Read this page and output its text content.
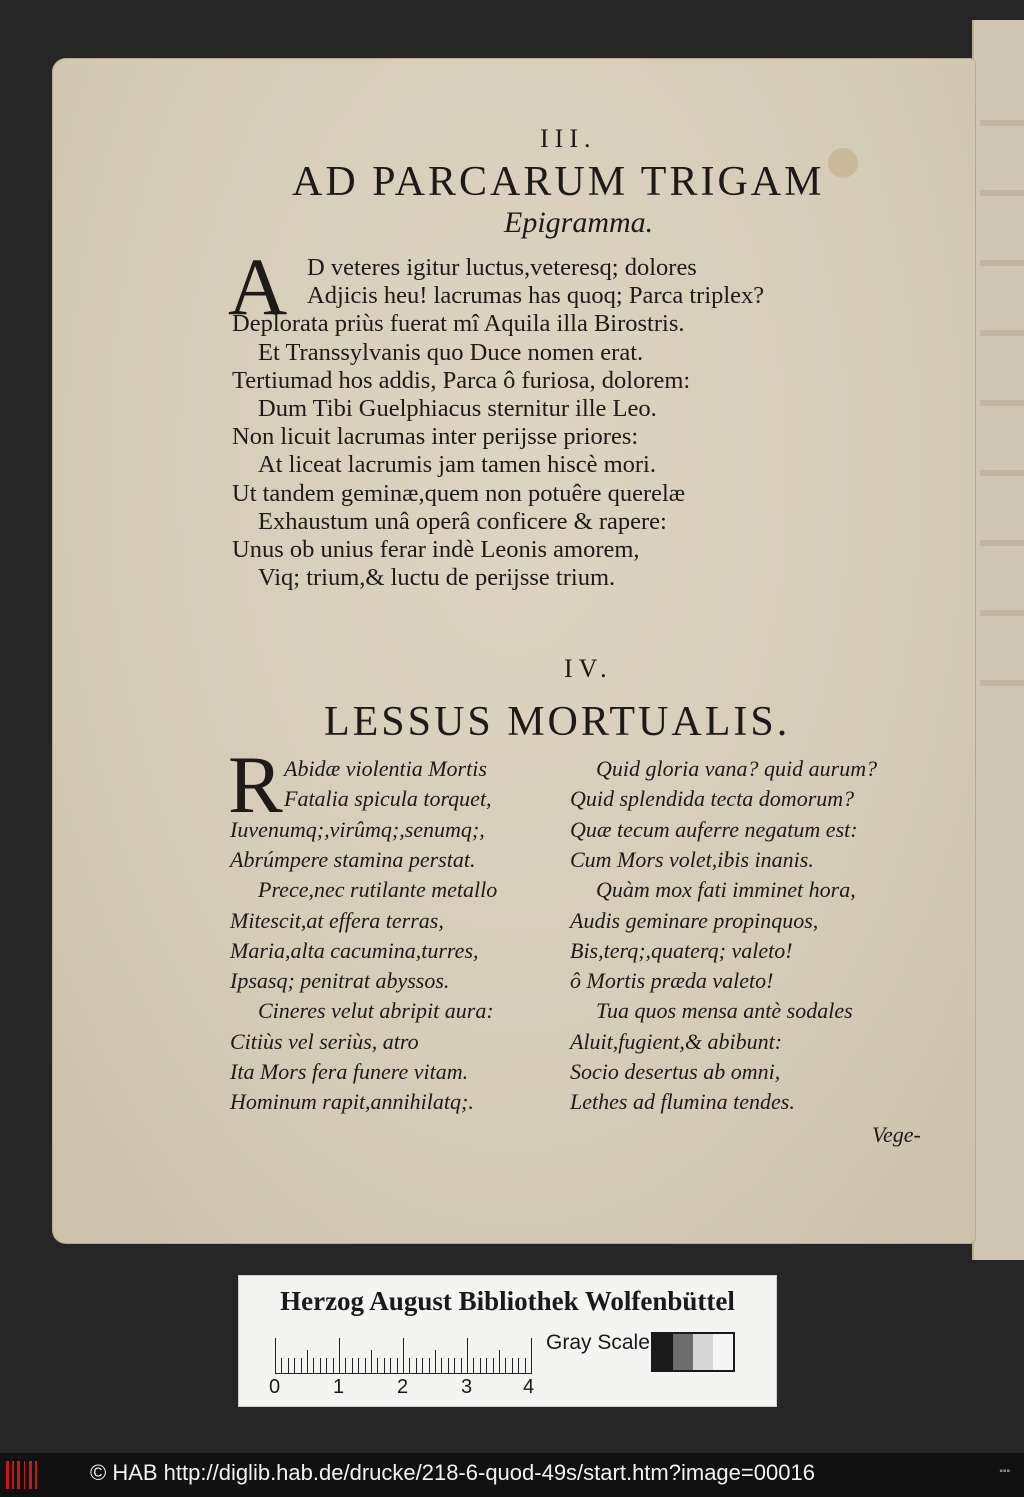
III.
AD PARCARUM TRIGAM
Epigramma.
A D veteres igitur luctus,veteresq; dolores
Adjicis heu! lacrumas has quoq; Parca triplex?
Deplorata priùs fuerat mî Aquila illa Birostris.
Et Transsylvanis quo Duce nomen erat.
Tertiumad hos addis, Parca ô furiosa, dolorem:
Dum Tibi Guelphiacus sternitur ille Leo.
Non licuit lacrumas inter perijsse priores:
At liceat lacrumis jam tamen hiscè mori.
Ut tandem geminæ,quem non potuêre querelæ
Exhaustum unâ operâ conficere & rapere:
Unus ob unius ferar indè Leonis amorem,
Viq; trium,& luctu de perijsse trium.
IV.
LESSUS MORTUALIS.
R Abidæ violentia Mortis
Fatalia spicula torquet,
Iuvenumq;,virûmq;,senumq;,
Abrúmpere stamina perstat.
Prece,nec rutilante metallo
Mitescit,at effera terras,
Maria,alta cacumina,turres,
Ipsasq; penitrat abyssos.
Cineres velut abripit aura:
Citiùs vel seriùs, atro
Ita Mors fera funere vitam.
Hominum rapit,annihilatq;.
Quid gloria vana? quid aurum?
Quid splendida tecta domorum?
Quæ tecum auferre negatum est:
Cum Mors volet,ibis inanis.
Quàm mox fati imminet hora,
Audis geminare propinquos,
Bis,terq;,quaterq; valeto!
ô Mortis præda valeto!
Tua quos mensa antè sodales
Aluit,fugient,& abibunt:
Socio desertus ab omni,
Lethes ad flumina tendes.
Vege-
Herzog August Bibliothek Wolfenbüttel
0	1	2	3	4
Gray Scale
© HAB http://diglib.hab.de/drucke/218-6-quod-49s/start.htm?image=00016	▪▪▪
